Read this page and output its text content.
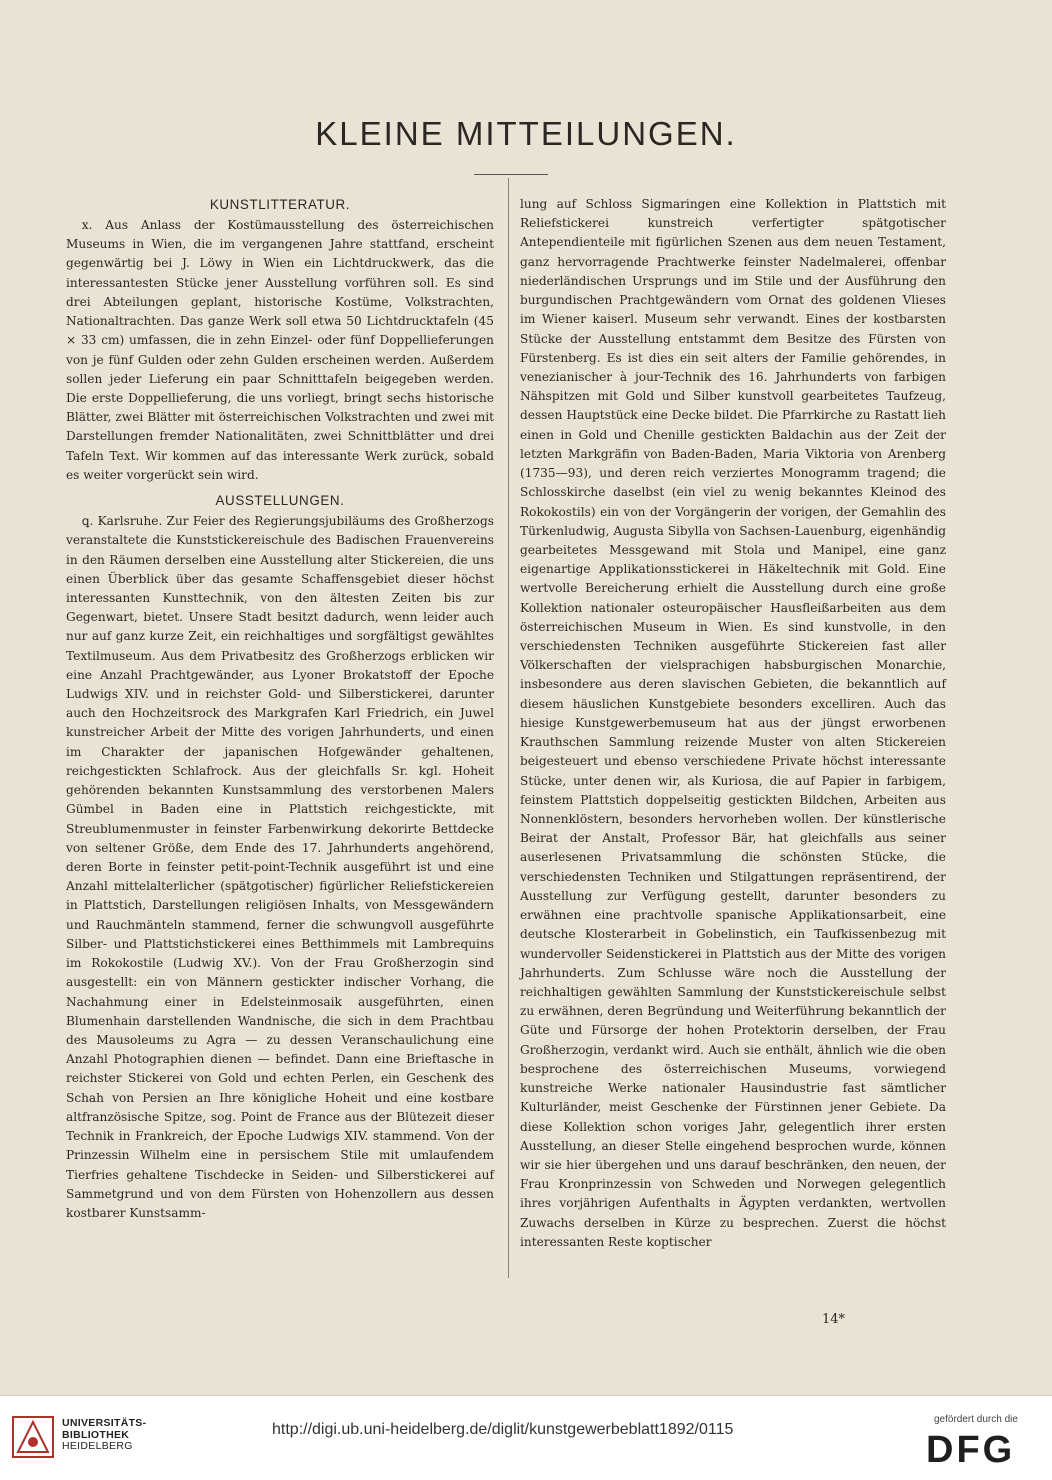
KLEINE MITTEILUNGEN.
KUNSTLITTERATUR.

x. Aus Anlass der Kostümausstellung des österreichischen Museums in Wien, die im vergangenen Jahre stattfand, erscheint gegenwärtig bei J. Löwy in Wien ein Lichtdruckwerk, das die interessantesten Stücke jener Ausstellung vorführen soll. Es sind drei Abteilungen geplant, historische Kostüme, Volkstrachten, Nationaltrachten. Das ganze Werk soll etwa 50 Lichtdrucktafeln (45 × 33 cm) umfassen, die in zehn Einzel- oder fünf Doppellieferungen von je fünf Gulden oder zehn Gulden erscheinen werden. Außerdem sollen jeder Lieferung ein paar Schnitttafeln beigegeben werden. Die erste Doppellieferung, die uns vorliegt, bringt sechs historische Blätter, zwei Blätter mit österreichischen Volkstrachten und zwei mit Darstellungen fremder Nationalitäten, zwei Schnittblätter und drei Tafeln Text. Wir kommen auf das interessante Werk zurück, sobald es weiter vorgerückt sein wird.

AUSSTELLUNGEN.

ꝗ. Karlsruhe. Zur Feier des Regierungsjubiläums des Großherzogs veranstaltete die Kunststickereischule des Badischen Frauenvereins in den Räumen derselben eine Ausstellung alter Stickereien, die uns einen Überblick über das gesamte Schaffensgebiet dieser höchst interessanten Kunsttechnik, von den ältesten Zeiten bis zur Gegenwart, bietet. Unsere Stadt besitzt dadurch, wenn leider auch nur auf ganz kurze Zeit, ein reichhaltiges und sorgfältigst gewähltes Textilmuseum. Aus dem Privatbesitz des Großherzogs erblicken wir eine Anzahl Prachtgewänder, aus Lyoner Brokatstoff der Epoche Ludwigs XIV. und in reichster Gold- und Silberstickerei, darunter auch den Hochzeitsrock des Markgrafen Karl Friedrich, ein Juwel kunstreicher Arbeit der Mitte des vorigen Jahrhunderts, und einen im Charakter der japanischen Hofgewänder gehaltenen, reichgestickten Schlafrock. Aus der gleichfalls Sr. kgl. Hoheit gehörenden bekannten Kunstsammlung des verstorbenen Malers Gümbel in Baden eine in Plattstich reichgestickte, mit Streublumenmuster in feinster Farbenwirkung dekorirte Bettdecke von seltener Größe, dem Ende des 17. Jahrhunderts angehörend, deren Borte in feinster petit-point-Technik ausgeführt ist und eine Anzahl mittelalterlicher (spätgotischer) figürlicher Reliefstickereien in Plattstich, Darstellungen religiösen Inhalts, von Messgewändern und Rauchmänteln stammend, ferner die schwungvoll ausgeführte Silber- und Plattstichstickerei eines Betthimmels mit Lambrequins im Rokokostile (Ludwig XV.). Von der Frau Großherzogin sind ausgestellt: ein von Männern gestickter indischer Vorhang, die Nachahmung einer in Edelsteinmosaik ausgeführten, einen Blumenhain darstellenden Wandnische, die sich in dem Prachtbau des Mausoleums zu Agra — zu dessen Veranschaulichung eine Anzahl Photographien dienen — befindet. Dann eine Brieftasche in reichster Stickerei von Gold und echten Perlen, ein Geschenk des Schah von Persien an Ihre königliche Hoheit und eine kostbare altfranzösische Spitze, sog. Point de France aus der Blütezeit dieser Technik in Frankreich, der Epoche Ludwigs XIV. stammend. Von der Prinzessin Wilhelm eine in persischem Stile mit umlaufendem Tierfries gehaltene Tischdecke in Seiden- und Silberstickerei auf Sammetgrund und von dem Fürsten von Hohenzollern aus dessen kostbarer Kunstsamm-

lung auf Schloss Sigmaringen eine Kollektion in Plattstich mit Reliefstickerei kunstreich verfertigter spätgotischer Antependienteile mit figürlichen Szenen aus dem neuen Testament, ganz hervorragende Prachtwerke feinster Nadelmalerei, offenbar niederländischen Ursprungs und im Stile und der Ausführung den burgundischen Prachtgewändern vom Ornat des goldenen Vlieses im Wiener kaiserl. Museum sehr verwandt. Eines der kostbarsten Stücke der Ausstellung entstammt dem Besitze des Fürsten von Fürstenberg. Es ist dies ein seit alters der Familie gehörendes, in venezianischer à jour-Technik des 16. Jahrhunderts von farbigen Nähspitzen mit Gold und Silber kunstvoll gearbeitetes Taufzeug, dessen Hauptstück eine Decke bildet. Die Pfarrkirche zu Rastatt lieh einen in Gold und Chenille gestickten Baldachin aus der Zeit der letzten Markgräfin von Baden-Baden, Maria Viktoria von Arenberg (1735—93), und deren reich verziertes Monogramm tragend; die Schlosskirche daselbst (ein viel zu wenig bekanntes Kleinod des Rokokostils) ein von der Vorgängerin der vorigen, der Gemahlin des Türkenludwig, Augusta Sibylla von Sachsen-Lauenburg, eigenhändig gearbeitetes Messgewand mit Stola und Manipel, eine ganz eigenartige Applikationsstickerei in Häkeltechnik mit Gold. Eine wertvolle Bereicherung erhielt die Ausstellung durch eine große Kollektion nationaler osteuropäischer Hausfleißarbeiten aus dem österreichischen Museum in Wien. Es sind kunstvolle, in den verschiedensten Techniken ausgeführte Stickereien fast aller Völkerschaften der vielsprachigen habsburgischen Monarchie, insbesondere aus deren slavischen Gebieten, die bekanntlich auf diesem häuslichen Kunstgebiete besonders excelliren. Auch das hiesige Kunstgewerbemuseum hat aus der jüngst erworbenen Krauthschen Sammlung reizende Muster von alten Stickereien beigesteuert und ebenso verschiedene Private höchst interessante Stücke, unter denen wir, als Kuriosa, die auf Papier in farbigem, feinstem Plattstich doppelseitig gestickten Bildchen, Arbeiten aus Nonnenklöstern, besonders hervorheben wollen. Der künstlerische Beirat der Anstalt, Professor Bär, hat gleichfalls aus seiner auserlesenen Privatsammlung die schönsten Stücke, die verschiedensten Techniken und Stilgattungen repräsentirend, der Ausstellung zur Verfügung gestellt, darunter besonders zu erwähnen eine prachtvolle spanische Applikationsarbeit, eine deutsche Klosterarbeit in Gobelinstich, ein Taufkissenbezug mit wundervoller Seidenstickerei in Plattstich aus der Mitte des vorigen Jahrhunderts. Zum Schlusse wäre noch die Ausstellung der reichhaltigen gewählten Sammlung der Kunststickereischule selbst zu erwähnen, deren Begründung und Weiterführung bekanntlich der Güte und Fürsorge der hohen Protektorin derselben, der Frau Großherzogin, verdankt wird. Auch sie enthält, ähnlich wie die oben besprochene des österreichischen Museums, vorwiegend kunstreiche Werke nationaler Hausindustrie fast sämtlicher Kulturländer, meist Geschenke der Fürstinnen jener Gebiete. Da diese Kollektion schon voriges Jahr, gelegentlich ihrer ersten Ausstellung, an dieser Stelle eingehend besprochen wurde, können wir sie hier übergehen und uns darauf beschränken, den neuen, der Frau Kronprinzessin von Schweden und Norwegen gelegentlich ihres vorjährigen Aufenthalts in Ägypten verdankten, wertvollen Zuwachs derselben in Kürze zu besprechen. Zuerst die höchst interessanten Reste koptischer

14*
UNIVERSITÄTS-
BIBLIOTHEK
HEIDELBERG
http://digi.ub.uni-heidelberg.de/diglit/kunstgewerbeblatt1892/0115
gefördert durch die
DFG
